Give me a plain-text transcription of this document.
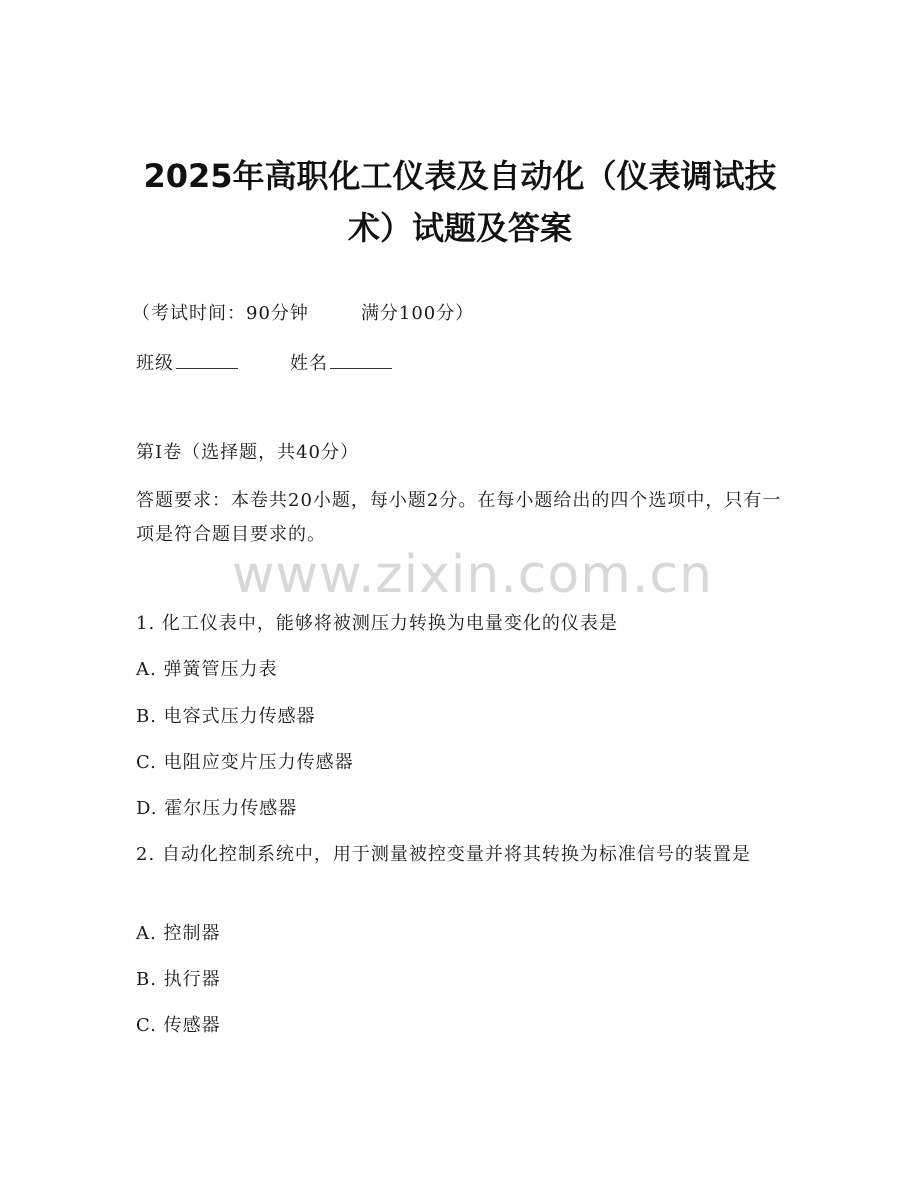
2025年高职化工仪表及自动化（仪表调试技术）试题及答案
（考试时间：90分钟	满分100分）
班级	姓名
第I卷（选择题，共40分）
答题要求：本卷共20小题，每小题2分。在每小题给出的四个选项中，只有一项是符合题目要求的。
www.zixin.com.cn
1. 化工仪表中，能够将被测压力转换为电量变化的仪表是
A. 弹簧管压力表
B. 电容式压力传感器
C. 电阻应变片压力传感器
D. 霍尔压力传感器
2. 自动化控制系统中，用于测量被控变量并将其转换为标准信号的装置是
A. 控制器
B. 执行器
C. 传感器
